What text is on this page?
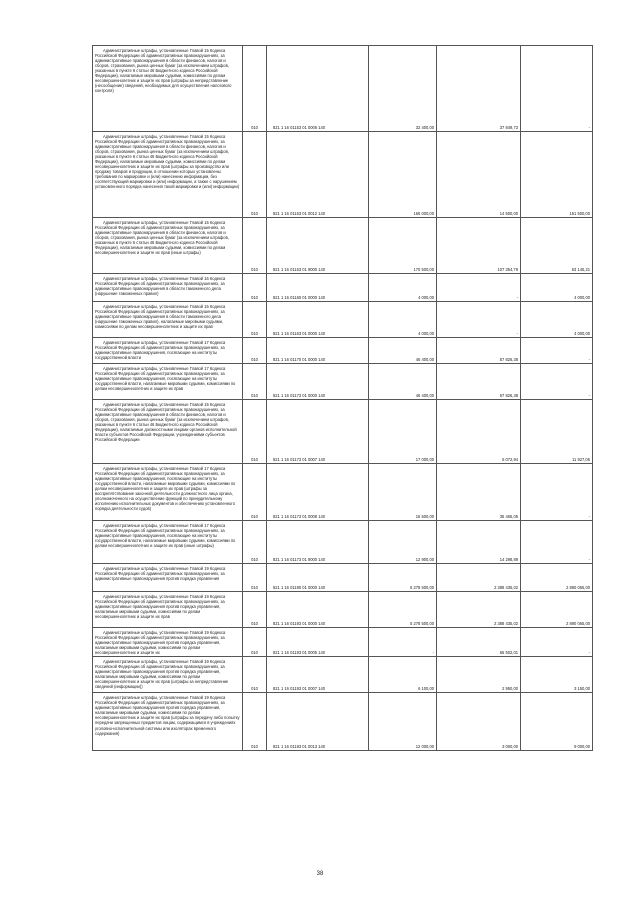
Административные штрафы, установленные Главой 15 Кодекса Российской Федерации об административных правонарушениях, за административные правонарушения в области финансов, налогов и сборов, страхования, рынка ценных бумаг (за исключением штрафов, указанных в пункте 6 статьи 46 Бюджетного кодекса Российской Федерации), налагаемые мировыми судьями, комиссиями по делам несовершеннолетних и защите их прав (штрафы за непредставление (несообщение) сведений, необходимых для осуществления налогового контроля)	010	821 1 16 01153 01 0006 140	32 400,00	37 849,73	-
Административные штрафы, установленные Главой 15 Кодекса Российской Федерации об административных правонарушениях, за административные правонарушения в области финансов, налогов и сборов, страхования, рынка ценных бумаг (за исключением штрафов, указанных в пункте 6 статьи 46 Бюджетного кодекса Российской Федерации), налагаемые мировыми судьями, комиссиями по делам несовершеннолетних и защите их прав (штрафы за производство или продажу товаров и продукции, в отношении которых установлены требования по маркировке и (или) нанесению информации, без соответствующей маркировки и (или) информации, а также с нарушением установленного порядка нанесения такой маркировки и (или) информации)	010	821 1 16 01153 01 0012 140	165 000,00	14 500,00	151 500,00
Административные штрафы, установленные Главой 15 Кодекса Российской Федерации об административных правонарушениях, за административные правонарушения в области финансов, налогов и сборов, страхования, рынка ценных бумаг (за исключением штрафов, указанных в пункте 6 статьи 46 Бюджетного кодекса Российской Федерации), налагаемые мировыми судьями, комиссиями по делам несовершеннолетних и защите их прав (иные штрафы)	010	821 1 16 01153 01 9000 140	170 500,00	107 354,79	63 145,21
Административные штрафы, установленные Главой 16 Кодекса Российской Федерации об административных правонарушениях, за административные правонарушения в области таможенного дела (нарушение таможенных правил)	010	821 1 16 01160 01 0000 140	4 000,00	-	4 000,00
Административные штрафы, установленные Главой 16 Кодекса Российской Федерации об административных правонарушениях, за административные правонарушения в области таможенного дела (нарушение таможенных правил), налагаемые мировыми судьями, комиссиями по делам несовершеннолетних и защите их прав	010	821 1 16 01163 01 0000 140	4 000,00	-	4 000,00
Административные штрафы, установленные Главой 17 Кодекса Российской Федерации об административных правонарушениях, за административные правонарушения, посягающие на институты государственной власти	010	821 1 16 01170 01 0000 140	46 400,00	57 826,38	-
Административные штрафы, установленные Главой 17 Кодекса Российской Федерации об административных правонарушениях, за административные правонарушения, посягающие на институты государственной власти, налагаемые мировыми судьями, комиссиями по делам несовершеннолетних и защите их прав	010	821 1 16 01173 01 0000 140	46 400,00	57 826,38	-
Административные штрафы, установленные Главой 15 Кодекса Российской Федерации об административных правонарушениях, за административные правонарушения в области финансов, налогов и сборов, страхования, рынка ценных бумаг (за исключением штрафов, указанных в пункте 6 статьи 46 Бюджетного кодекса Российской Федерации), налагаемые должностными лицами органов исполнительной власти субъектов Российской Федерации, учреждениями субъектов Российской Федерации	010	821 1 16 01173 01 0007 140	17 000,00	5 072,94	11 927,06
Административные штрафы, установленные Главой 17 Кодекса Российской Федерации об административных правонарушениях, за административные правонарушения, посягающие на институты государственной власти, налагаемые мировыми судьями, комиссиями по делам несовершеннолетних и защите их прав (штрафы за воспрепятствование законной деятельности должностного лица органа, уполномоченного на осуществление функций по принудительному исполнению исполнительных документов и обеспечению установленного порядка деятельности судов)	010	821 1 16 01173 01 0008 140	16 500,00	35 465,05	-
Административные штрафы, установленные Главой 17 Кодекса Российской Федерации об административных правонарушениях, за административные правонарушения, посягающие на институты государственной власти, налагаемые мировыми судьями, комиссиями по делам несовершеннолетних и защите их прав (иные штрафы)	010	821 1 16 01173 01 9000 140	12 900,00	14 298,89	-
Административные штрафы, установленные Главой 19 Кодекса Российской Федерации об административных правонарушениях, за административные правонарушения против порядка управления	010	821 1 16 01190 01 0000 140	5 278 500,00	2 388 435,02	2 890 065,00
Административные штрафы, установленные Главой 19 Кодекса Российской Федерации об административных правонарушениях, за административные правонарушения против порядка управления, налагаемые мировыми судьями, комиссиями по делам несовершеннолетних и защите их прав	010	821 1 16 01193 01 0000 140	5 278 500,00	2 388 435,02	2 890 065,00
Административные штрафы, установленные Главой 19 Кодекса Российской Федерации об административных правонарушениях, за административные правонарушения против порядка управления, налагаемые мировыми судьями, комиссиями по делам несовершеннолетних и защите их	010	821 1 16 01193 01 0005 140	-	65 502,01	-
Административные штрафы, установленные Главой 19 Кодекса Российской Федерации об административных правонарушениях, за административные правонарушения против порядка управления, налагаемые мировыми судьями, комиссиями по делам несовершеннолетних и защите их прав (штрафы за непредставление сведений (информации))	010	821 1 16 01193 01 0007 140	6 100,00	2 950,00	3 150,00
Административные штрафы, установленные Главой 19 Кодекса Российской Федерации об административных правонарушениях, за административные правонарушения против порядка управления, налагаемые мировыми судьями, комиссиями по делам несовершеннолетних и защите их прав (штрафы за передачу либо попытку передачи запрещенных предметов лицам, содержащимся в учреждениях уголовно-исполнительной системы или изоляторах временного содержания)	010	821 1 16 01193 01 0013 140	12 000,00	3 000,00	9 000,00
38
